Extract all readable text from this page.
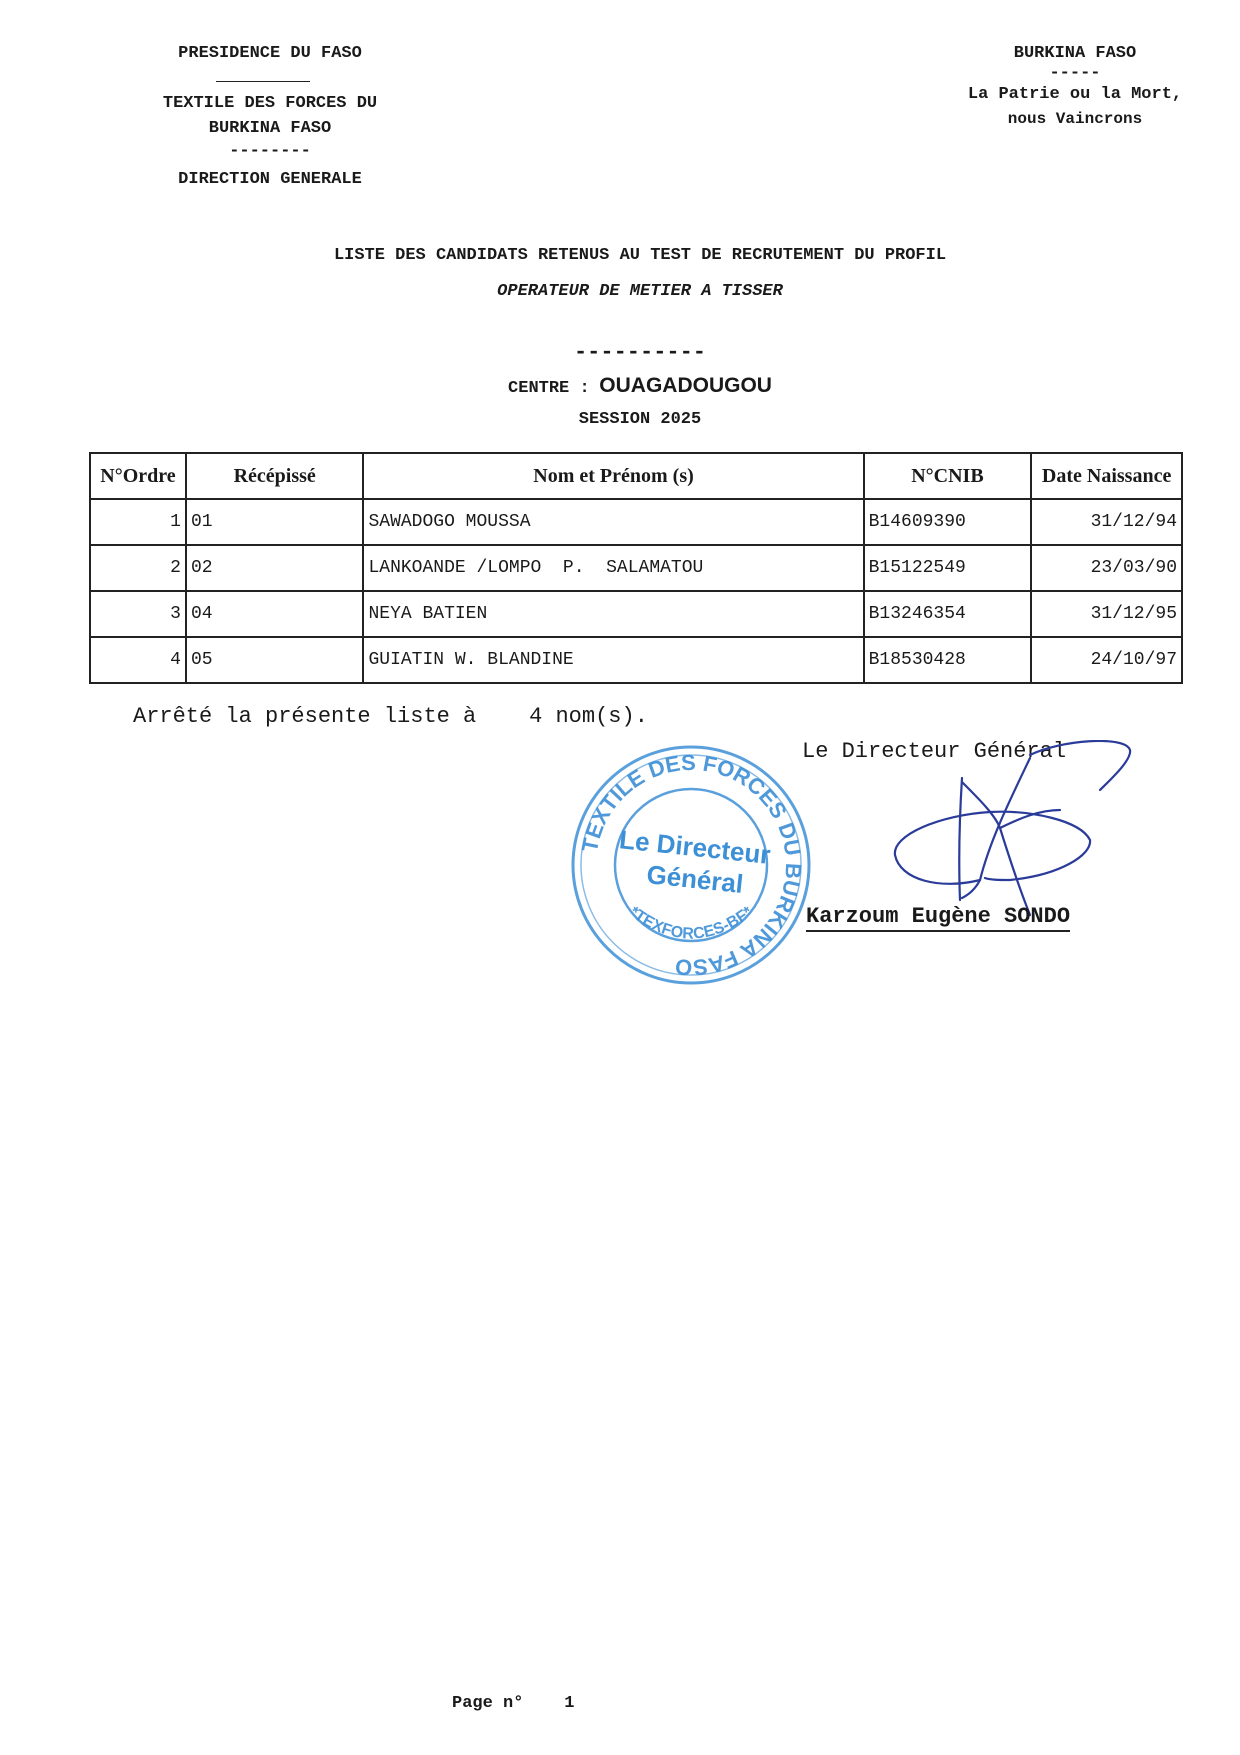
PRESIDENCE DU FASO
TEXTILE DES FORCES DU
BURKINA FASO
--------
DIRECTION GENERALE
BURKINA FASO
-----
La Patrie ou la Mort,
nous Vaincrons
LISTE DES CANDIDATS RETENUS AU TEST DE RECRUTEMENT DU PROFIL
OPERATEUR DE METIER A TISSER
----------
CENTRE : OUAGADOUGOU
SESSION 2025
N°Ordre	Récépissé	Nom et Prénom (s)	N°CNIB	Date Naissance
1	01	SAWADOGO MOUSSA	B14609390	31/12/94
2	02	LANKOANDE /LOMPO  P.  SALAMATOU	B15122549	23/03/90
3	04	NEYA BATIEN	B13246354	31/12/95
4	05	GUIATIN W. BLANDINE	B18530428	24/10/97
Arrêté la présente liste à 4 nom(s).
Le Directeur Général
TEXTILE DES FORCES DU BURKINA FASO
*TEXFORCES-BF*
Le Directeur
Général
Karzoum Eugène SONDO
Page n° 1
